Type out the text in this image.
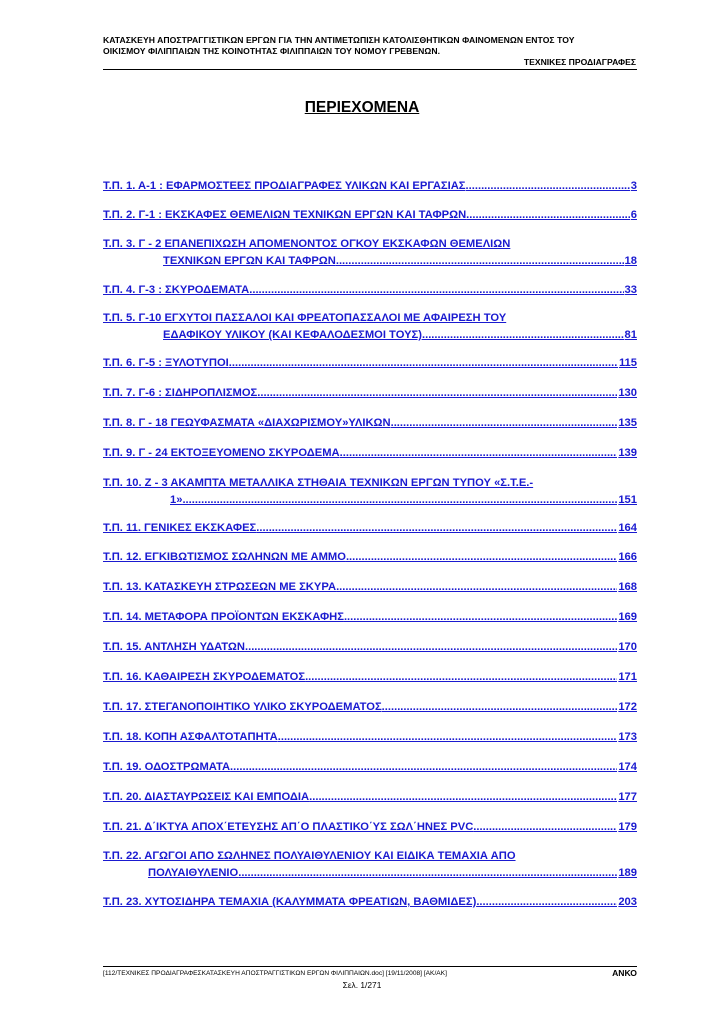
ΚΑΤΑΣΚΕΥΗ ΑΠΟΣΤΡΑΓΓΙΣΤΙΚΩΝ ΕΡΓΩΝ ΓΙΑ ΤΗΝ ΑΝΤΙΜΕΤΩΠΙΣΗ ΚΑΤΟΛΙΣΘΗΤΙΚΩΝ ΦΑΙΝΟΜΕΝΩΝ ΕΝΤΟΣ ΤΟΥ
ΟΙΚΙΣΜΟΥ ΦΙΛΙΠΠΑΙΩΝ ΤΗΣ ΚΟΙΝΟΤΗΤΑΣ ΦΙΛΙΠΠΑΙΩΝ ΤΟΥ ΝΟΜΟΥ ΓΡΕΒΕΝΩΝ.
ΤΕΧΝΙΚΕΣ ΠΡΟΔΙΑΓΡΑΦΕΣ
ΠΕΡΙΕΧΟΜΕΝΑ
Τ.Π. 1. Α-1 : ΕΦΑΡΜΟΣΤΕΕΣ ΠΡΟΔΙΑΓΡΑΦΕΣ ΥΛΙΚΩΝ ΚΑΙ ΕΡΓΑΣΙΑΣ .....	3
Τ.Π. 2. Γ-1 : ΕΚΣΚΑΦΕΣ ΘΕΜΕΛΙΩΝ ΤΕΧΝΙΚΩΝ ΕΡΓΩΝ ΚΑΙ ΤΑΦΡΩΝ .....	6
Τ.Π. 3. Γ - 2 ΕΠΑΝΕΠΙΧΩΣΗ ΑΠΟΜΕΝΟΝΤΟΣ ΟΓΚΟΥ ΕΚΣΚΑΦΩΝ ΘΕΜΕΛΙΩΝ
ΤΕΧΝΙΚΩΝ ΕΡΓΩΝ ΚΑΙ ΤΑΦΡΩΝ .....	18
Τ.Π. 4. Γ-3 : ΣΚΥΡΟΔΕΜΑΤΑ .....	33
Τ.Π. 5. Γ-10 ΕΓΧΥΤΟΙ ΠΑΣΣΑΛΟΙ ΚΑΙ ΦΡΕΑΤΟΠΑΣΣΑΛΟΙ ΜΕ ΑΦΑΙΡΕΣΗ ΤΟΥ
ΕΔΑΦΙΚΟΥ ΥΛΙΚΟΥ (ΚΑΙ ΚΕΦΑΛΟΔΕΣΜΟΙ ΤΟΥΣ) .....	81
Τ.Π. 6. Γ-5 : ΞΥΛΟΤΥΠΟΙ .....	115
Τ.Π. 7. Γ-6 : ΣΙΔΗΡΟΠΛΙΣΜΟΣ .....	130
Τ.Π. 8. Γ - 18 ΓΕΩΥΦΑΣΜΑΤΑ «ΔΙΑΧΩΡΙΣΜΟΥ»ΥΛΙΚΩΝ .....	135
Τ.Π. 9. Γ - 24 ΕΚΤΟΞΕΥΟΜΕΝΟ ΣΚΥΡΟΔΕΜΑ .....	139
Τ.Π. 10. Ζ - 3 ΑΚΑΜΠΤΑ ΜΕΤΑΛΛΙΚΑ ΣΤΗΘΑΙΑ ΤΕΧΝΙΚΩΝ ΕΡΓΩΝ ΤΥΠΟΥ «Σ.Τ.Ε.-
1» .....	151
Τ.Π. 11. ΓΕΝΙΚΕΣ ΕΚΣΚΑΦΕΣ .....	164
Τ.Π. 12. ΕΓΚΙΒΩΤΙΣΜΟΣ ΣΩΛΗΝΩΝ ΜΕ ΑΜΜΟ .....	166
Τ.Π. 13. ΚΑΤΑΣΚΕΥΗ ΣΤΡΩΣΕΩΝ ΜΕ ΣΚΥΡΑ .....	168
Τ.Π. 14. ΜΕΤΑΦΟΡΑ ΠΡΟΪΟΝΤΩΝ ΕΚΣΚΑΦΗΣ .....	169
Τ.Π. 15. ΑΝΤΛΗΣΗ ΥΔΑΤΩΝ .....	170
Τ.Π. 16. ΚΑΘΑΙΡΕΣΗ ΣΚΥΡΟΔΕΜΑΤΟΣ .....	171
Τ.Π. 17. ΣΤΕΓΑΝΟΠΟΙΗΤΙΚΟ ΥΛΙΚΟ ΣΚΥΡΟΔΕΜΑΤΟΣ .....	172
Τ.Π. 18. ΚΟΠΗ ΑΣΦΑΛΤΟΤΑΠΗΤΑ .....	173
Τ.Π. 19. ΟΔΟΣΤΡΩΜΑΤΑ .....	174
Τ.Π. 20. ΔΙΑΣΤΑΥΡΩΣΕΙΣ ΚΑΙ ΕΜΠΟΔΙΑ .....	177
Τ.Π. 21. Δ΄ΙΚΤΥΑ ΑΠΟΧ΄ΕΤΕΥΣΗΣ ΑΠ΄Ο ΠΛΑΣΤΙΚΟ΄ΥΣ ΣΩΛ΄ΗΝΕΣ PVC .....	179
Τ.Π. 22. ΑΓΩΓΟΙ ΑΠΟ ΣΩΛΗΝΕΣ ΠΟΛΥΑΙΘΥΛΕΝΙΟΥ ΚΑΙ ΕΙΔΙΚΑ ΤΕΜΑΧΙΑ ΑΠΟ
ΠΟΛΥΑΙΘΥΛΕΝΙΟ .....	189
Τ.Π. 23. ΧΥΤΟΣΙΔΗΡΑ ΤΕΜΑΧΙΑ (ΚΑΛΥΜΜΑΤΑ ΦΡΕΑΤΙΩΝ, ΒΑΘΜΙΔΕΣ) .....	203
[112/ΤΕΧΝΙΚΕΣ ΠΡΟΔΙΑΓΡΑΦΕΣΚΑΤΑΣΚΕΥΗ ΑΠΟΣΤΡΑΓΓΙΣΤΙΚΩΝ ΕΡΓΩΝ ΦΙΛΙΠΠΑΙΩΝ.doc] [19/11/2008] [ΑΚ/ΑΚ]	ΑΝΚΟ
Σελ. 1/271
